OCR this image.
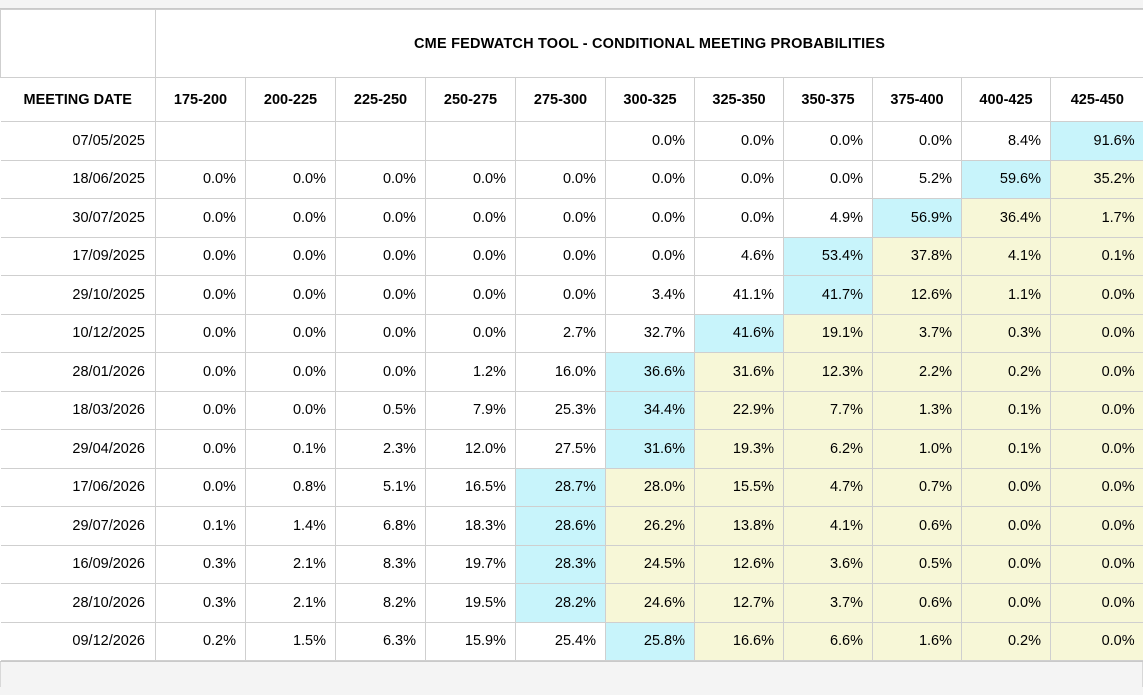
	CME FEDWATCH TOOL - CONDITIONAL MEETING PROBABILITIES										
MEETING DATE	175-200	200-225	225-250	250-275	275-300	300-325	325-350	350-375	375-400	400-425	425-450
07/05/2025						0.0%	0.0%	0.0%	0.0%	8.4%	91.6%
18/06/2025	0.0%	0.0%	0.0%	0.0%	0.0%	0.0%	0.0%	0.0%	5.2%	59.6%	35.2%
30/07/2025	0.0%	0.0%	0.0%	0.0%	0.0%	0.0%	0.0%	4.9%	56.9%	36.4%	1.7%
17/09/2025	0.0%	0.0%	0.0%	0.0%	0.0%	0.0%	4.6%	53.4%	37.8%	4.1%	0.1%
29/10/2025	0.0%	0.0%	0.0%	0.0%	0.0%	3.4%	41.1%	41.7%	12.6%	1.1%	0.0%
10/12/2025	0.0%	0.0%	0.0%	0.0%	2.7%	32.7%	41.6%	19.1%	3.7%	0.3%	0.0%
28/01/2026	0.0%	0.0%	0.0%	1.2%	16.0%	36.6%	31.6%	12.3%	2.2%	0.2%	0.0%
18/03/2026	0.0%	0.0%	0.5%	7.9%	25.3%	34.4%	22.9%	7.7%	1.3%	0.1%	0.0%
29/04/2026	0.0%	0.1%	2.3%	12.0%	27.5%	31.6%	19.3%	6.2%	1.0%	0.1%	0.0%
17/06/2026	0.0%	0.8%	5.1%	16.5%	28.7%	28.0%	15.5%	4.7%	0.7%	0.0%	0.0%
29/07/2026	0.1%	1.4%	6.8%	18.3%	28.6%	26.2%	13.8%	4.1%	0.6%	0.0%	0.0%
16/09/2026	0.3%	2.1%	8.3%	19.7%	28.3%	24.5%	12.6%	3.6%	0.5%	0.0%	0.0%
28/10/2026	0.3%	2.1%	8.2%	19.5%	28.2%	24.6%	12.7%	3.7%	0.6%	0.0%	0.0%
09/12/2026	0.2%	1.5%	6.3%	15.9%	25.4%	25.8%	16.6%	6.6%	1.6%	0.2%	0.0%
